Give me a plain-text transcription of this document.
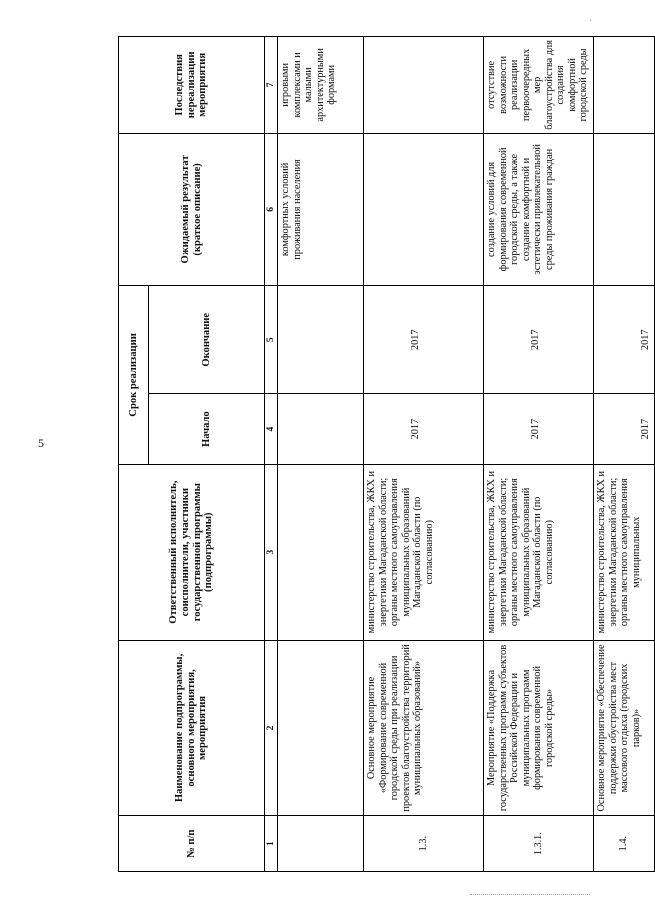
'
5
№ п/п	Наименование подпрограммы, основного мероприятия, мероприятия	Ответственный исполнитель, соисполнители, участники государственной программы (подпрограммы)	Срок реализации		Ожидаемый результат (краткое описание)	Последствия нереализации мероприятия
			Начало	Окончание		
1	2	3	4	5	6	7
					комфортных условий проживания населения	игровыми комплексами и малыми архитектурными формами
1.3.	Основное мероприятие «Формирование современной городской среды при реализации проектов благоустройства территорий муниципальных образований»	министерство строительства, ЖКХ и энергетики Магаданской области; органы местного самоуправления муниципальных образований Магаданской области (по согласованию)	2017	2017		
1.3.1.	Мероприятие «Поддержка государственных программ субъектов Российской Федерации и муниципальных программ формирования современной городской среды»	министерство строительства, ЖКХ и энергетики Магаданской области; органы местного самоуправления муниципальных образований Магаданской области (по согласованию)	2017	2017	создание условий для формирования современной городской среды, а также создание комфортной и эстетически привлекательной среды проживания граждан	отсутствие возможности реализации первоочередных мер благоустройства для создания комфортной городской среды
1.4.	Основное мероприятие «Обеспечение поддержки обустройства мест массового отдыха (городских парков)»	министерство строительства, ЖКХ и энергетики Магаданской области; органы местного самоуправления муниципальных	2017	2017		
